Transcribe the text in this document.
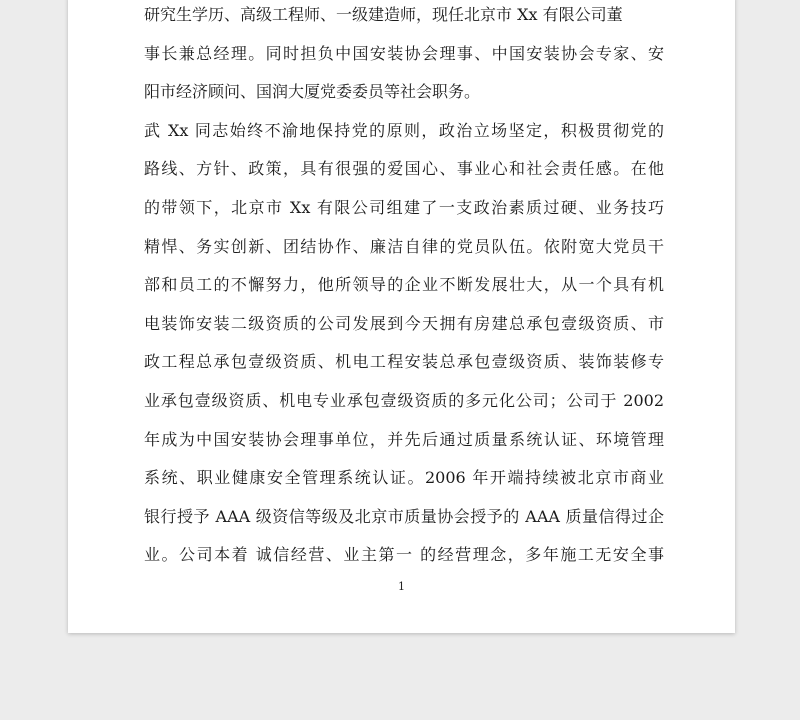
研究生学历、高级工程师、一级建造师，现任北京市 Xx 有限公司董
事长兼总经理。同时担负中国安装协会理事、中国安装协会专家、安
阳市经济顾问、国润大厦党委委员等社会职务。
武 Xx 同志始终不渝地保持党的原则，政治立场坚定，积极贯彻党的
路线、方针、政策，具有很强的爱国心、事业心和社会责任感。在他
的带领下，北京市 Xx 有限公司组建了一支政治素质过硬、业务技巧
精悍、务实创新、团结协作、廉洁自律的党员队伍。依附宽大党员干
部和员工的不懈努力，他所领导的企业不断发展壮大，从一个具有机
电装饰安装二级资质的公司发展到今天拥有房建总承包壹级资质、市
政工程总承包壹级资质、机电工程安装总承包壹级资质、装饰装修专
业承包壹级资质、机电专业承包壹级资质的多元化公司；公司于 2002
年成为中国安装协会理事单位，并先后通过质量系统认证、环境管理
系统、职业健康安全管理系统认证。2006 年开端持续被北京市商业
银行授予 AAA 级资信等级及北京市质量协会授予的 AAA 质量信得过企
业。公司本着 诚信经营、业主第一 的经营理念，多年施工无安全事
1
